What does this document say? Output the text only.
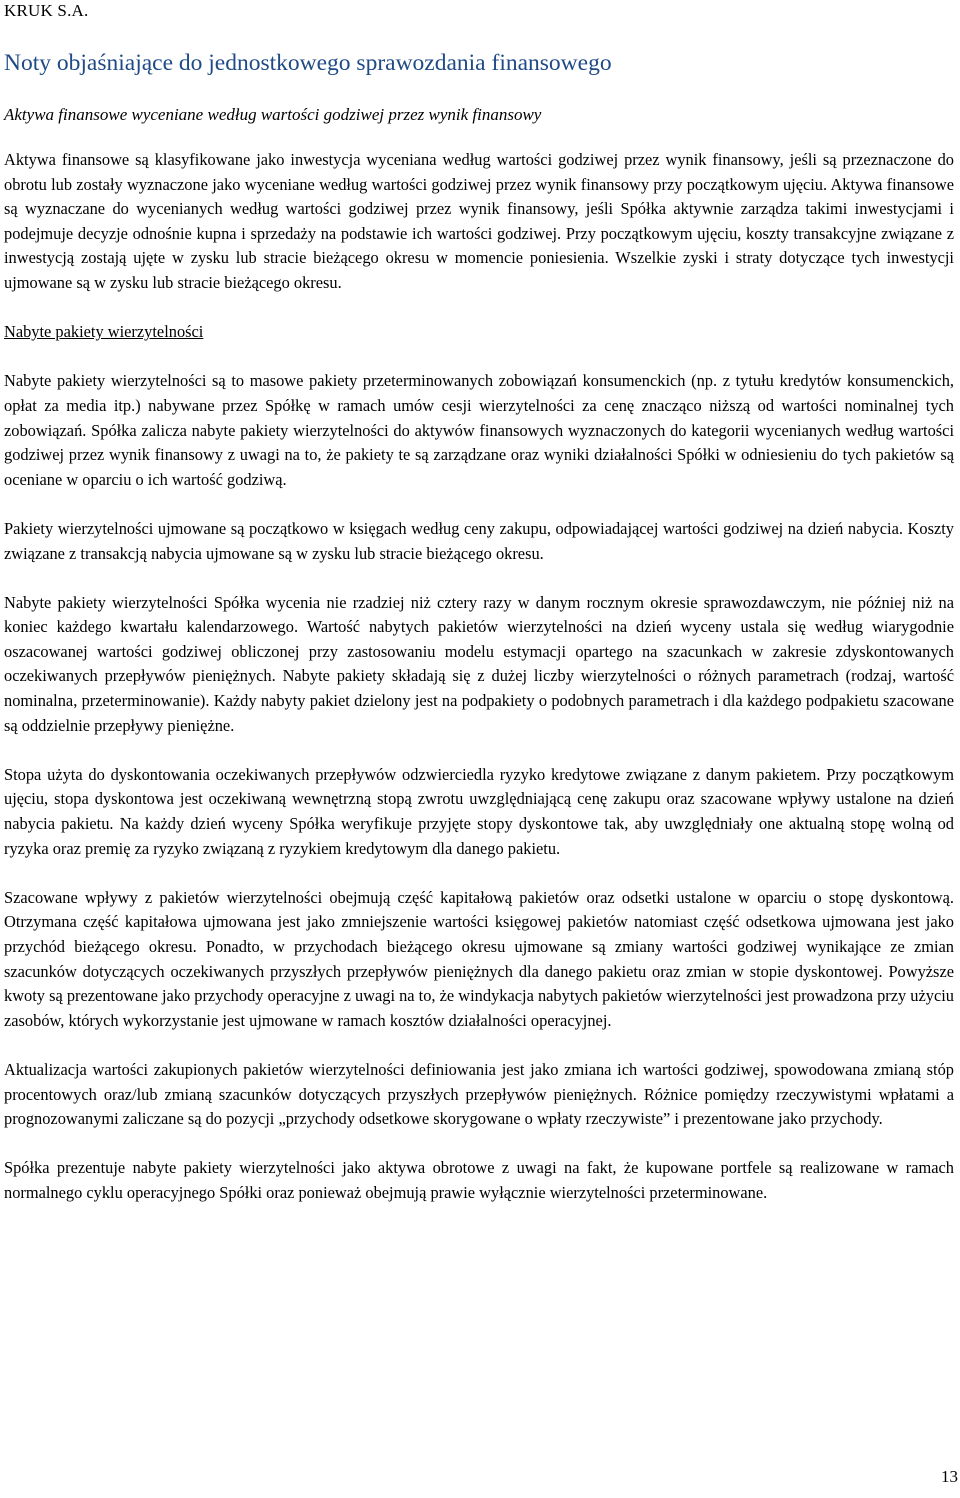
KRUK S.A.
Noty objaśniające do jednostkowego sprawozdania finansowego
Aktywa finansowe wyceniane według wartości godziwej przez wynik finansowy

Aktywa finansowe są klasyfikowane jako inwestycja wyceniana według wartości godziwej przez wynik finansowy, jeśli są przeznaczone do obrotu lub zostały wyznaczone jako wyceniane według wartości godziwej przez wynik finansowy przy początkowym ujęciu. Aktywa finansowe są wyznaczane do wycenianych według wartości godziwej przez wynik finansowy, jeśli Spółka aktywnie zarządza takimi inwestycjami i podejmuje decyzje odnośnie kupna i sprzedaży na podstawie ich wartości godziwej. Przy początkowym ujęciu, koszty transakcyjne związane z inwestycją zostają ujęte w zysku lub stracie bieżącego okresu w momencie poniesienia. Wszelkie zyski i straty dotyczące tych inwestycji ujmowane są w zysku lub stracie bieżącego okresu.

Nabyte pakiety wierzytelności

Nabyte pakiety wierzytelności są to masowe pakiety przeterminowanych zobowiązań konsumenckich (np. z tytułu kredytów konsumenckich, opłat za media itp.) nabywane przez Spółkę w ramach umów cesji wierzytelności za cenę znacząco niższą od wartości nominalnej tych zobowiązań. Spółka zalicza nabyte pakiety wierzytelności do aktywów finansowych wyznaczonych do kategorii wycenianych według wartości godziwej przez wynik finansowy z uwagi na to, że pakiety te są zarządzane oraz wyniki działalności Spółki w odniesieniu do tych pakietów są oceniane w oparciu o ich wartość godziwą.

Pakiety wierzytelności ujmowane są początkowo w księgach według ceny zakupu, odpowiadającej wartości godziwej na dzień nabycia. Koszty związane z transakcją nabycia ujmowane są w zysku lub stracie bieżącego okresu.

Nabyte pakiety wierzytelności Spółka wycenia nie rzadziej niż cztery razy w danym rocznym okresie sprawozdawczym, nie później niż na koniec każdego kwartału kalendarzowego. Wartość nabytych pakietów wierzytelności na dzień wyceny ustala się według wiarygodnie oszacowanej wartości godziwej obliczonej przy zastosowaniu modelu estymacji opartego na szacunkach w zakresie zdyskontowanych oczekiwanych przepływów pieniężnych. Nabyte pakiety składają się z dużej liczby wierzytelności o różnych parametrach (rodzaj, wartość nominalna, przeterminowanie). Każdy nabyty pakiet dzielony jest na podpakiety o podobnych parametrach i dla każdego podpakietu szacowane są oddzielnie przepływy pieniężne.

Stopa użyta do dyskontowania oczekiwanych przepływów odzwierciedla ryzyko kredytowe związane z danym pakietem. Przy początkowym ujęciu, stopa dyskontowa jest oczekiwaną wewnętrzną stopą zwrotu uwzględniającą cenę zakupu oraz szacowane wpływy ustalone na dzień nabycia pakietu. Na każdy dzień wyceny Spółka weryfikuje przyjęte stopy dyskontowe tak, aby uwzględniały one aktualną stopę wolną od ryzyka oraz premię za ryzyko związaną z ryzykiem kredytowym dla danego pakietu.

Szacowane wpływy z pakietów wierzytelności obejmują część kapitałową pakietów oraz odsetki ustalone w oparciu o stopę dyskontową. Otrzymana część kapitałowa ujmowana jest jako zmniejszenie wartości księgowej pakietów natomiast część odsetkowa ujmowana jest jako przychód bieżącego okresu. Ponadto, w przychodach bieżącego okresu ujmowane są zmiany wartości godziwej wynikające ze zmian szacunków dotyczących oczekiwanych przyszłych przepływów pieniężnych dla danego pakietu oraz zmian w stopie dyskontowej. Powyższe kwoty są prezentowane jako przychody operacyjne z uwagi na to, że windykacja nabytych pakietów wierzytelności jest prowadzona przy użyciu zasobów, których wykorzystanie jest ujmowane w ramach kosztów działalności operacyjnej.

Aktualizacja wartości zakupionych pakietów wierzytelności definiowania jest jako zmiana ich wartości godziwej, spowodowana zmianą stóp procentowych oraz/lub zmianą szacunków dotyczących przyszłych przepływów pieniężnych. Różnice pomiędzy rzeczywistymi wpłatami a prognozowanymi zaliczane są do pozycji „przychody odsetkowe skorygowane o wpłaty rzeczywiste” i prezentowane jako przychody.

Spółka prezentuje nabyte pakiety wierzytelności jako aktywa obrotowe z uwagi na fakt, że kupowane portfele są realizowane w ramach normalnego cyklu operacyjnego Spółki oraz ponieważ obejmują prawie wyłącznie wierzytelności przeterminowane.

13
